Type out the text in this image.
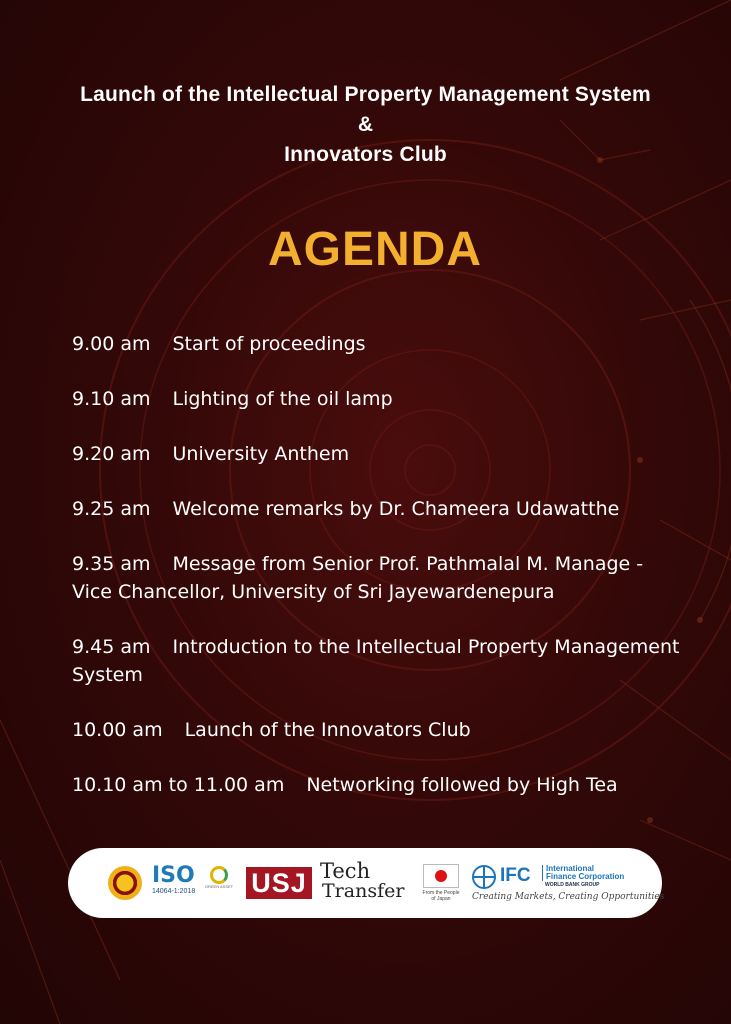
Launch of the Intellectual Property Management System
&
Innovators Club
AGENDA
9.00 am Start of proceedings
9.10 am Lighting of the oil lamp
9.20 am University Anthem
9.25 am Welcome remarks by Dr. Chameera Udawatthe
9.35 am Message from Senior Prof. Pathmalal M. Manage - Vice Chancellor, University of Sri Jayewardenepura
9.45 am Introduction to the Intellectual Property Management System
10.00 am Launch of the Innovators Club
10.10 am to 11.00 am Networking followed by High Tea
ISO
14064-1:2018
GREEN ASSET USJ Tech
Transfer	From the People of Japan
IFC International
Finance Corporation
WORLD BANK GROUP
Creating Markets, Creating Opportunities
